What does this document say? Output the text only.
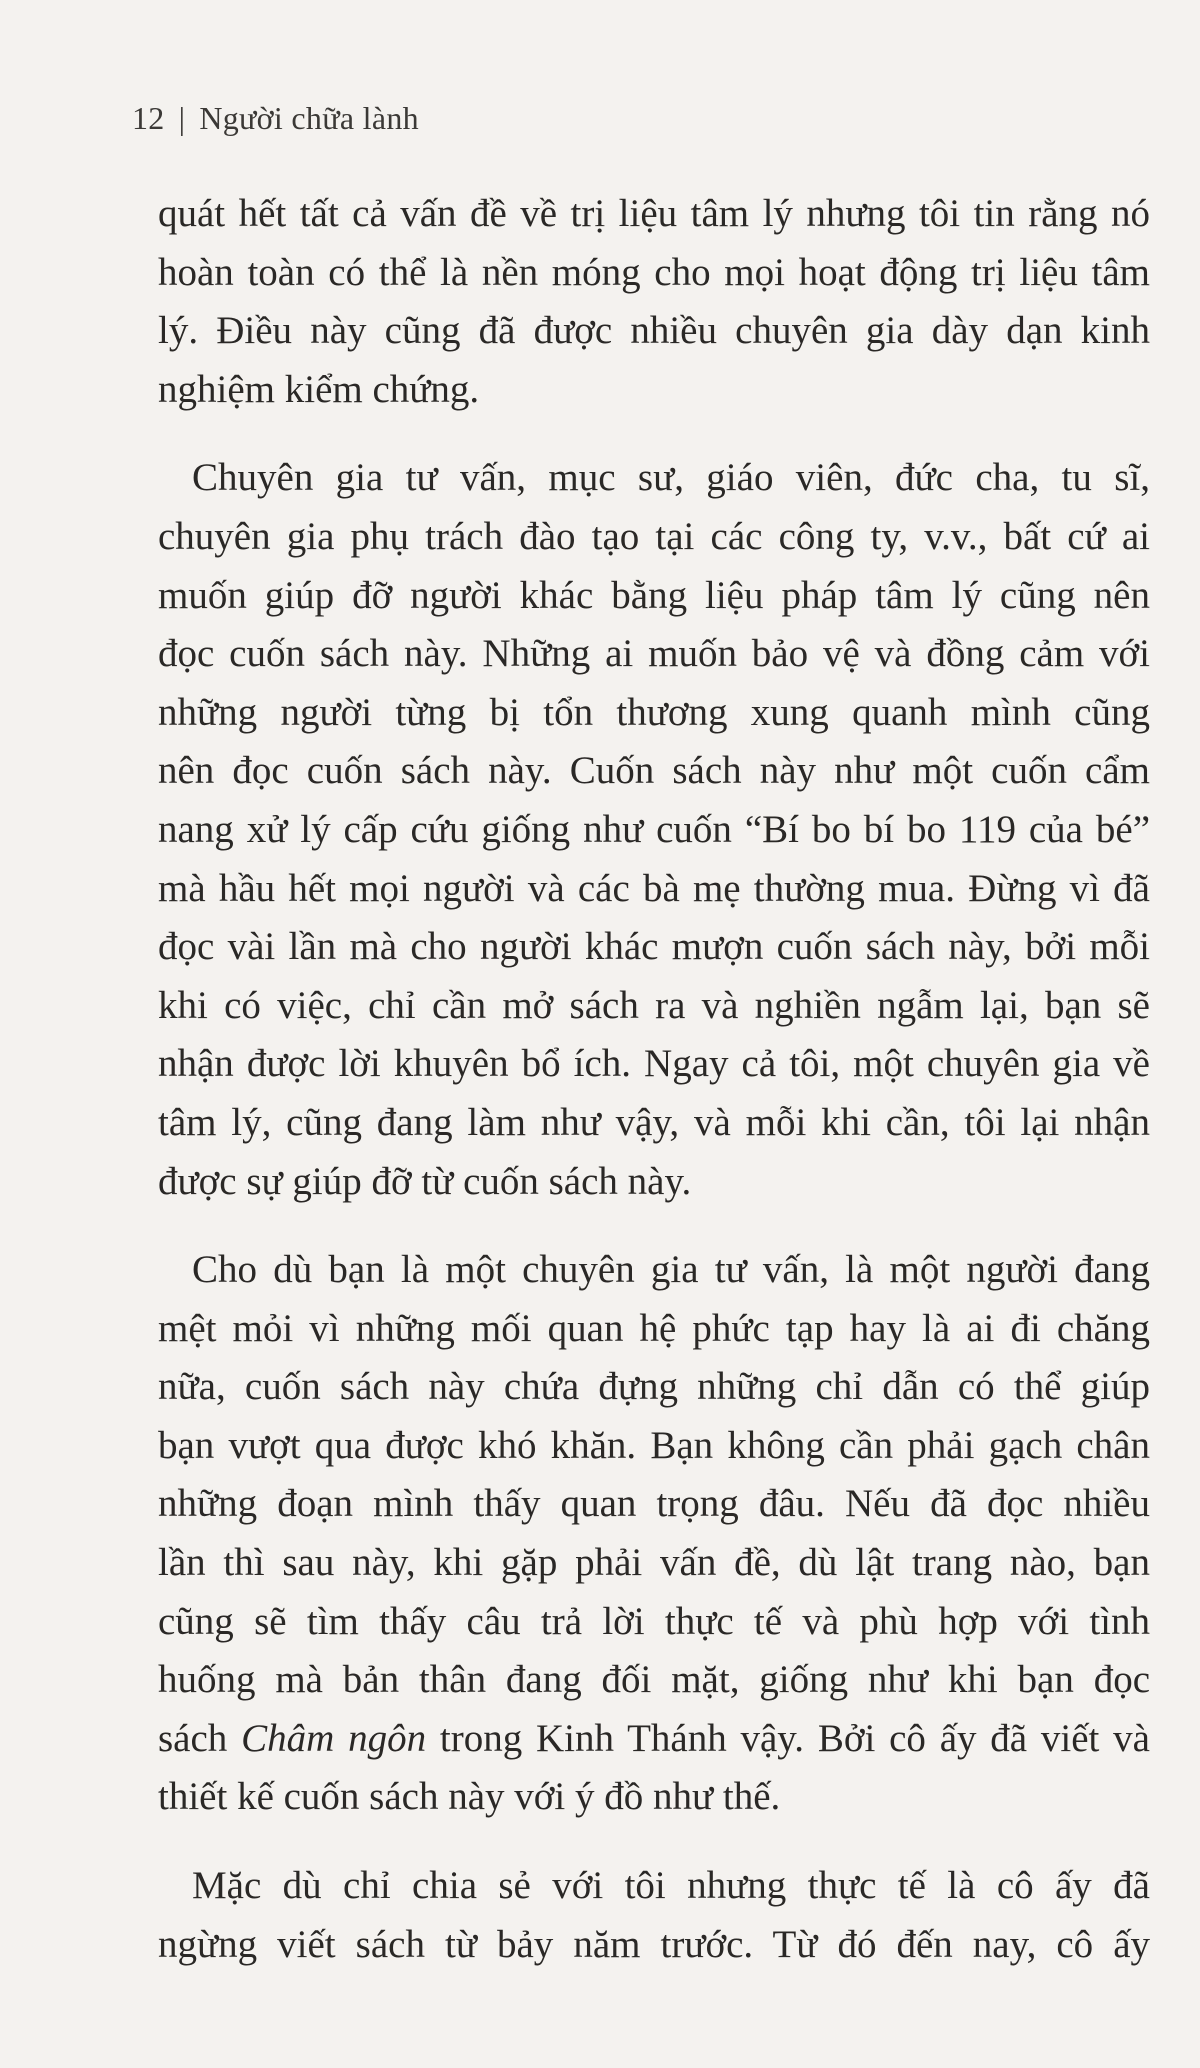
12 | Người chữa lành
quát hết tất cả vấn đề về trị liệu tâm lý nhưng tôi tin rằng nó
hoàn toàn có thể là nền móng cho mọi hoạt động trị liệu tâm
lý. Điều này cũng đã được nhiều chuyên gia dày dạn kinh
nghiệm kiểm chứng.
Chuyên gia tư vấn, mục sư, giáo viên, đức cha, tu sĩ,
chuyên gia phụ trách đào tạo tại các công ty, v.v., bất cứ ai
muốn giúp đỡ người khác bằng liệu pháp tâm lý cũng nên
đọc cuốn sách này. Những ai muốn bảo vệ và đồng cảm với
những người từng bị tổn thương xung quanh mình cũng
nên đọc cuốn sách này. Cuốn sách này như một cuốn cẩm
nang xử lý cấp cứu giống như cuốn “Bí bo bí bo 119 của bé”
mà hầu hết mọi người và các bà mẹ thường mua. Đừng vì đã
đọc vài lần mà cho người khác mượn cuốn sách này, bởi mỗi
khi có việc, chỉ cần mở sách ra và nghiền ngẫm lại, bạn sẽ
nhận được lời khuyên bổ ích. Ngay cả tôi, một chuyên gia về
tâm lý, cũng đang làm như vậy, và mỗi khi cần, tôi lại nhận
được sự giúp đỡ từ cuốn sách này.
Cho dù bạn là một chuyên gia tư vấn, là một người đang
mệt mỏi vì những mối quan hệ phức tạp hay là ai đi chăng
nữa, cuốn sách này chứa đựng những chỉ dẫn có thể giúp
bạn vượt qua được khó khăn. Bạn không cần phải gạch chân
những đoạn mình thấy quan trọng đâu. Nếu đã đọc nhiều
lần thì sau này, khi gặp phải vấn đề, dù lật trang nào, bạn
cũng sẽ tìm thấy câu trả lời thực tế và phù hợp với tình
huống mà bản thân đang đối mặt, giống như khi bạn đọc
sách Châm ngôn trong Kinh Thánh vậy. Bởi cô ấy đã viết và
thiết kế cuốn sách này với ý đồ như thế.
Mặc dù chỉ chia sẻ với tôi nhưng thực tế là cô ấy đã
ngừng viết sách từ bảy năm trước. Từ đó đến nay, cô ấy
